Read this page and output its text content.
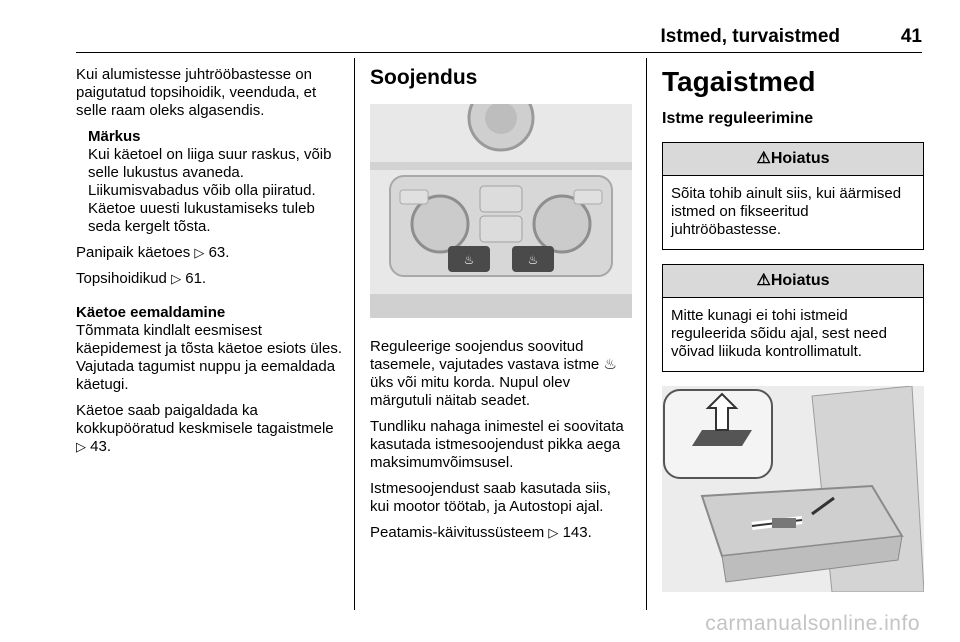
Istmed, turvaistmed	41

Kui alumistesse juhtrööbastesse on paigutatud topsihoidik, veenduda, et selle raam oleks algasendis.

Märkus
Kui käetoel on liiga suur raskus, võib selle lukustus avaneda.
Liikumisvabadus võib olla piiratud.
Käetoe uuesti lukustamiseks tuleb seda kergelt tõsta.

Panipaik käetoes ▷ 63.

Topsihoidikud ▷ 61.

Käetoe eemaldamine

Tõmmata kindlalt eesmisest käepidemest ja tõsta käetoe esiots üles. Vajutada tagumist nuppu ja eemaldada käetugi.

Käetoe saab paigaldada ka kokkupööratud keskmisele tagaistmele ▷ 43.

Soojendus
♨	♨

Reguleerige soojendus soovitud tasemele, vajutades vastava istme ♨ üks või mitu korda. Nupul olev märgutuli näitab seadet.

Tundliku nahaga inimestel ei soovitata kasutada istmesoojendust pikka aega maksimumvõimsusel.

Istmesoojendust saab kasutada siis, kui mootor töötab, ja Autostopi ajal.

Peatamis-käivitussüsteem ▷ 143.

Tagaistmed
Istme reguleerimine
⚠Hoiatus
Sõita tohib ainult siis, kui äärmised istmed on fikseeritud juhtrööbastesse.
⚠Hoiatus
Mitte kunagi ei tohi istmeid reguleerida sõidu ajal, sest need võivad liikuda kontrollimatult.
carmanualsonline.info
